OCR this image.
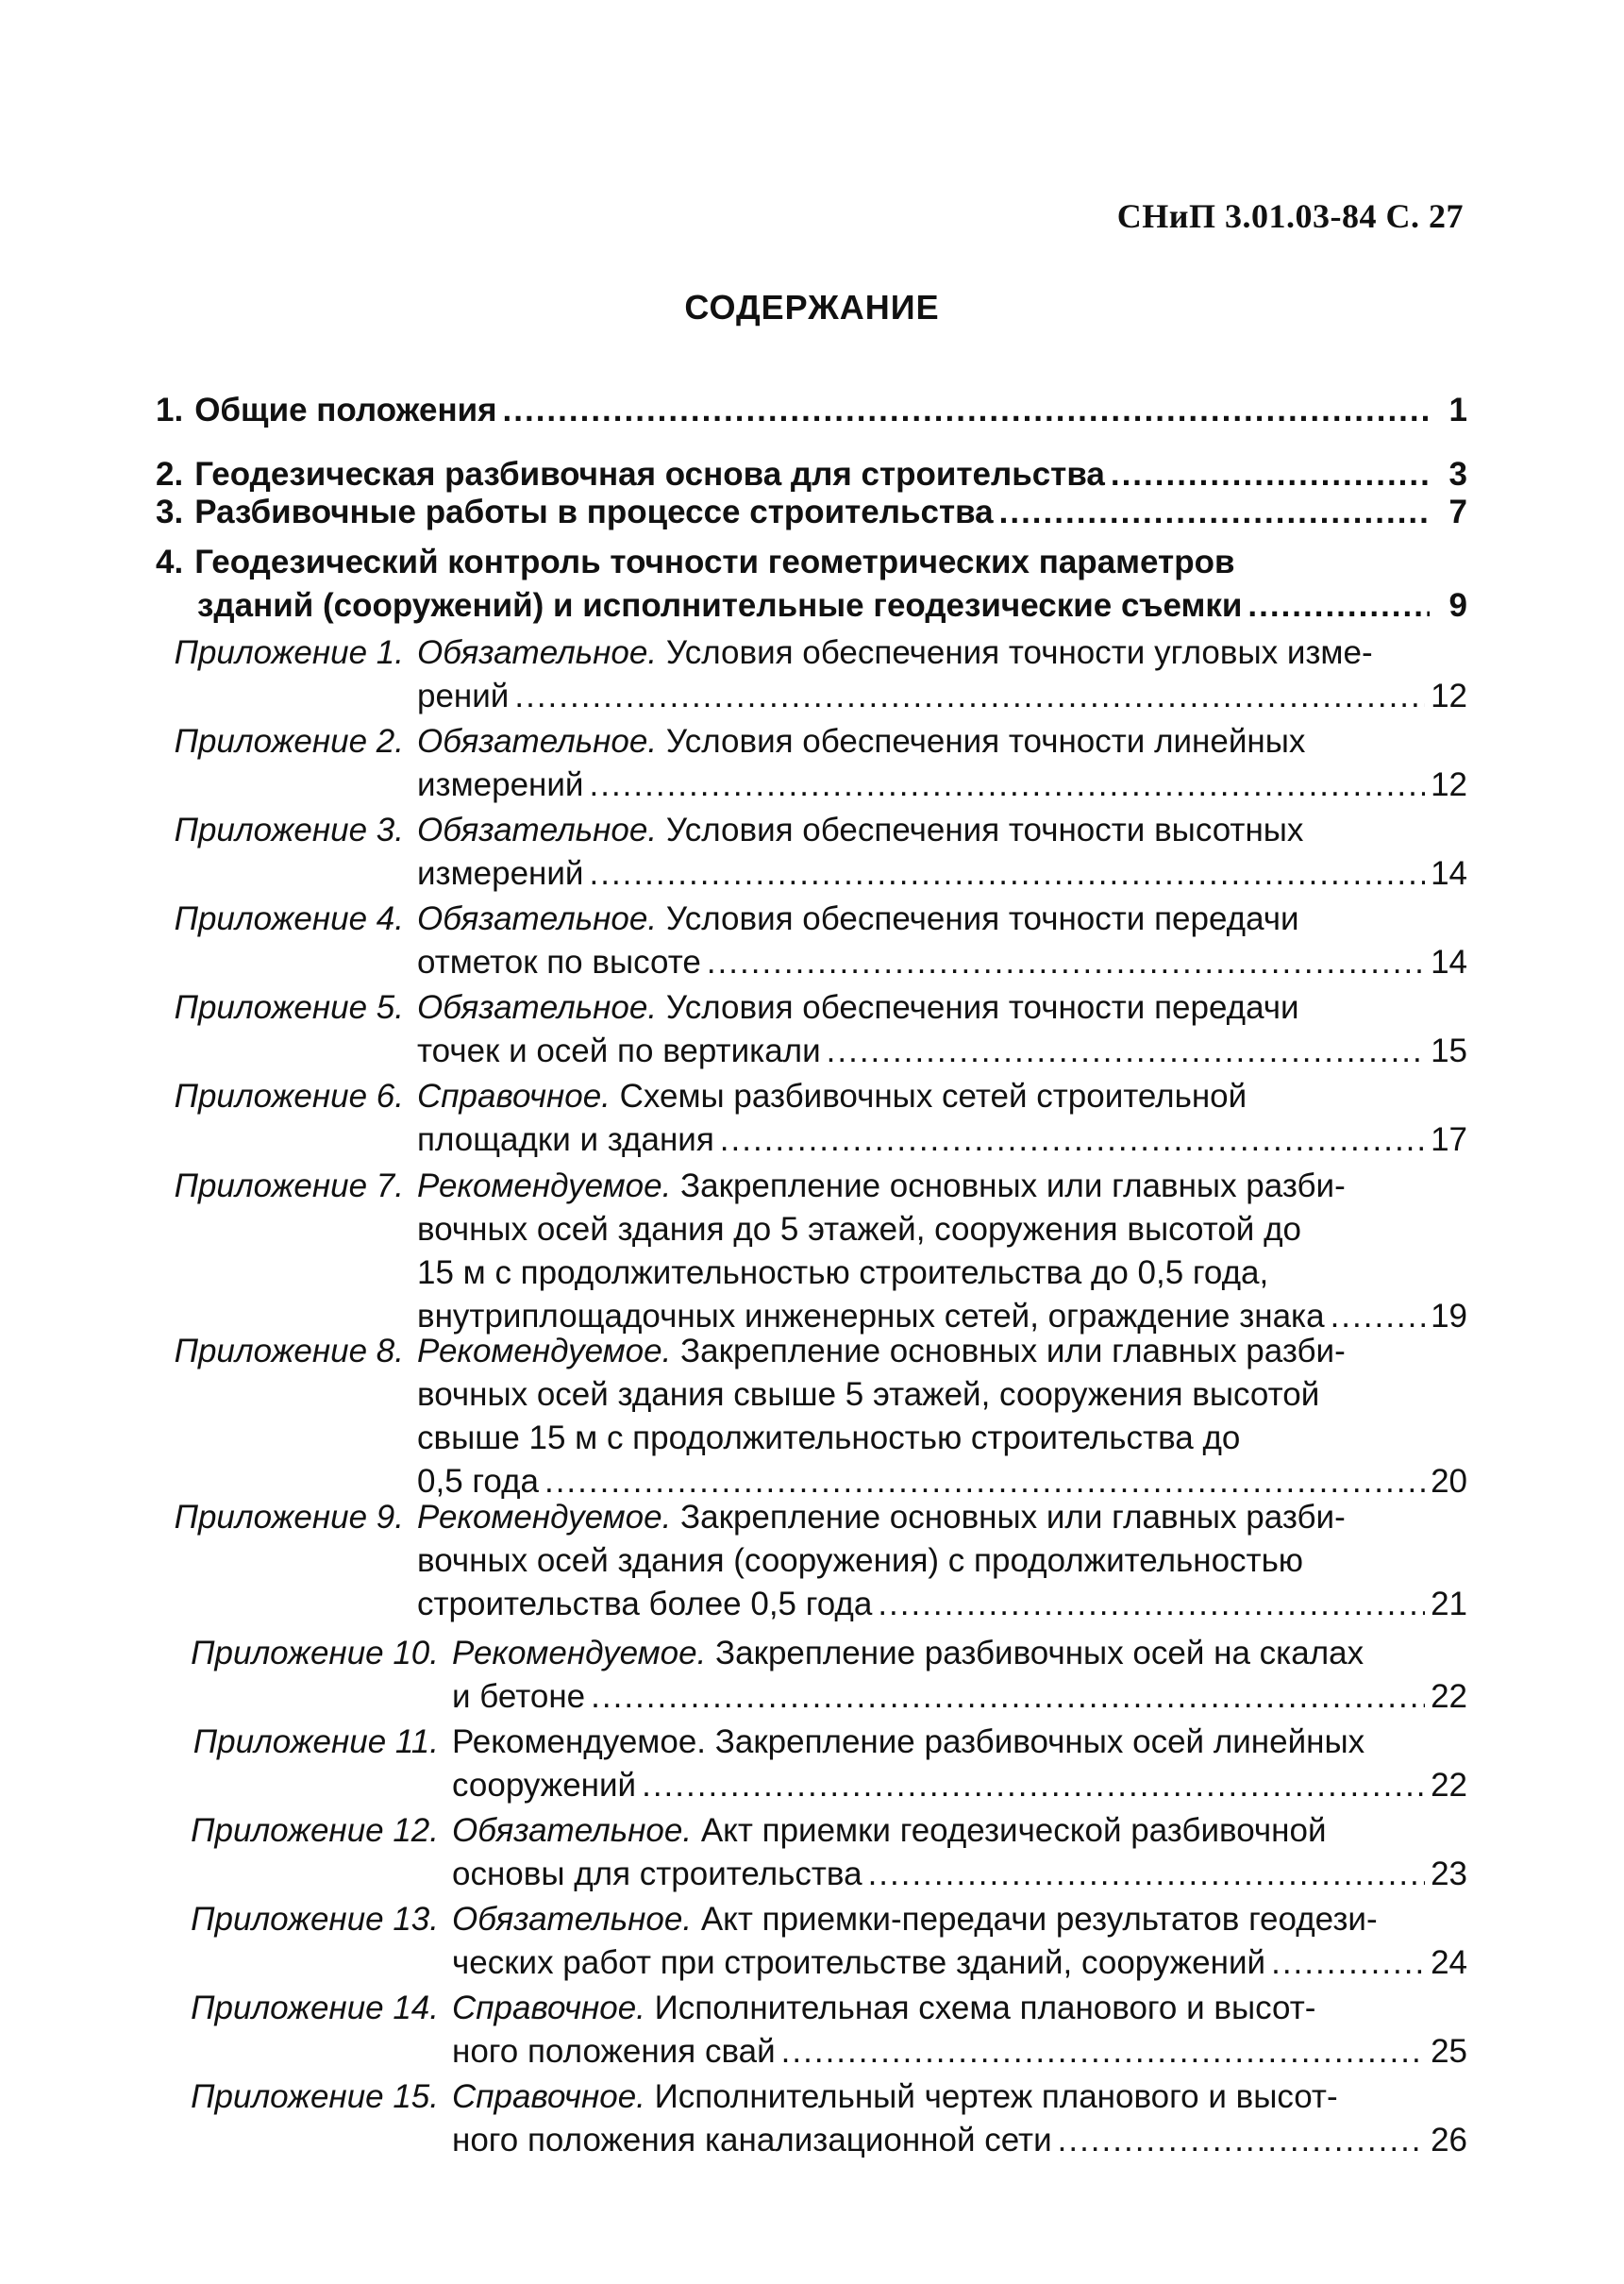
СНиП 3.01.03-84 С. 27
СОДЕРЖАНИЕ
1. Общие положения .....	1
2. Геодезическая разбивочная основа для строительства .....	3
3. Разбивочные работы в процессе строительства .....	7
4. Геодезический контроль точности геометрических параметров
зданий (сооружений) и исполнительные геодезические съемки .....	9
Приложение 1. Обязательное.
Условия обеспечения точности угловых изме-
рений .....	12
Приложение 2. Обязательное.
Условия обеспечения точности линейных
измерений .....	12
Приложение 3. Обязательное.
Условия обеспечения точности высотных
измерений .....	14
Приложение 4. Обязательное.
Условия обеспечения точности передачи
отметок по высоте .....	14
Приложение 5. Обязательное.
Условия обеспечения точности передачи
точек и осей по вертикали .....	15
Приложение 6. Справочное.
Схемы разбивочных сетей строительной
площадки и здания .....	17
Приложение 7. Рекомендуемое.
Закрепление основных или главных разби-
вочных осей здания до 5 этажей, сооружения высотой до
15 м с продолжительностью строительства до 0,5 года,
внутриплощадочных инженерных сетей, ограждение знака .....	19
Приложение 8. Рекомендуемое.
Закрепление основных или главных разби-
вочных осей здания свыше 5 этажей, сооружения высотой
свыше 15 м с продолжительностью строительства до
0,5 года .....	20
Приложение 9. Рекомендуемое.
Закрепление основных или главных разби-
вочных осей здания (сооружения) с продолжительностью
строительства более 0,5 года .....	21
Приложение 10. Рекомендуемое.
Закрепление разбивочных осей на скалах
и бетоне .....	22
Приложение 11. Рекомендуемое. Закрепление разбивочных осей линейных
сооружений .....	22
Приложение 12. Обязательное.
Акт приемки геодезической разбивочной
основы для строительства .....	23
Приложение 13. Обязательное.
Акт приемки-передачи результатов геодези-
ческих работ при строительстве зданий, сооружений .....	24
Приложение 14. Справочное.
Исполнительная схема планового и высот-
ного положения свай .....	25
Приложение 15. Справочное.
Исполнительный чертеж планового и высот-
ного положения канализационной сети .....	26
